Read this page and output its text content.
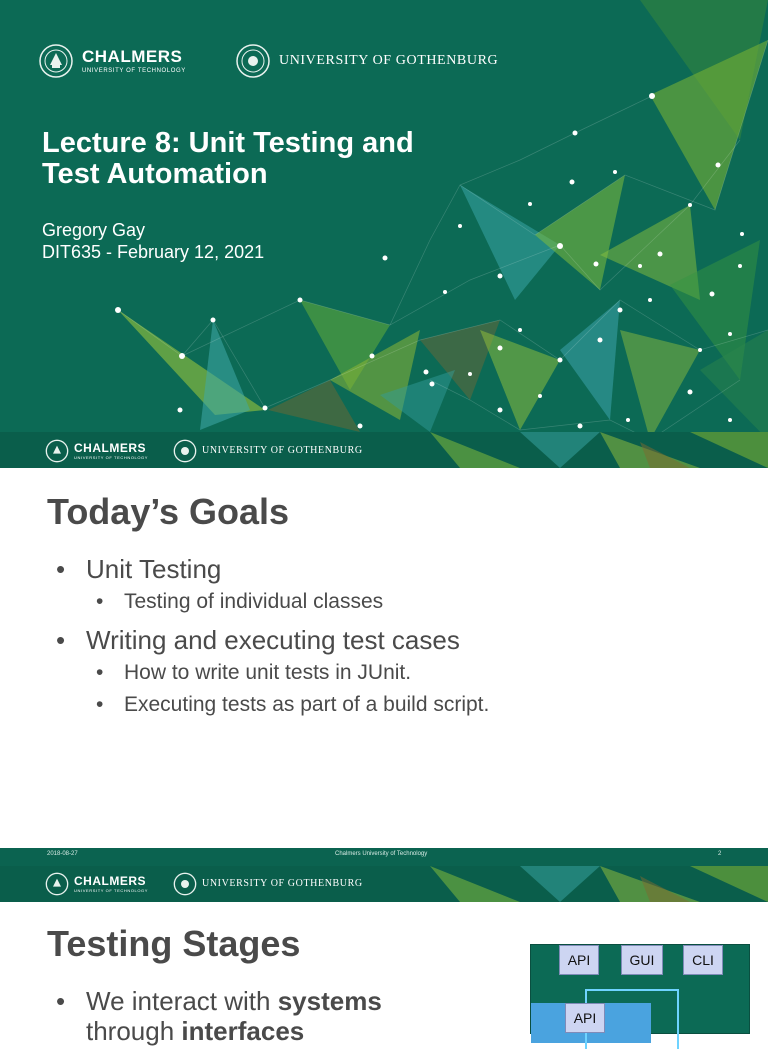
CHALMERS
UNIVERSITY OF TECHNOLOGY
UNIVERSITY OF GOTHENBURG
Lecture 8: Unit Testing and Test Automation
Gregory Gay
DIT635 - February 12, 2021
CHALMERS
UNIVERSITY OF TECHNOLOGY
UNIVERSITY OF GOTHENBURG
Today’s Goals
• Unit Testing
• Testing of individual classes
• Writing and executing test cases
• How to write unit tests in JUnit.
• Executing tests as part of a build script.
2018-08-27	Chalmers University of Technology	2
CHALMERS
UNIVERSITY OF TECHNOLOGY
UNIVERSITY OF GOTHENBURG
Testing Stages
• We interact with systems
through interfaces
API	GUI	CLI
API
